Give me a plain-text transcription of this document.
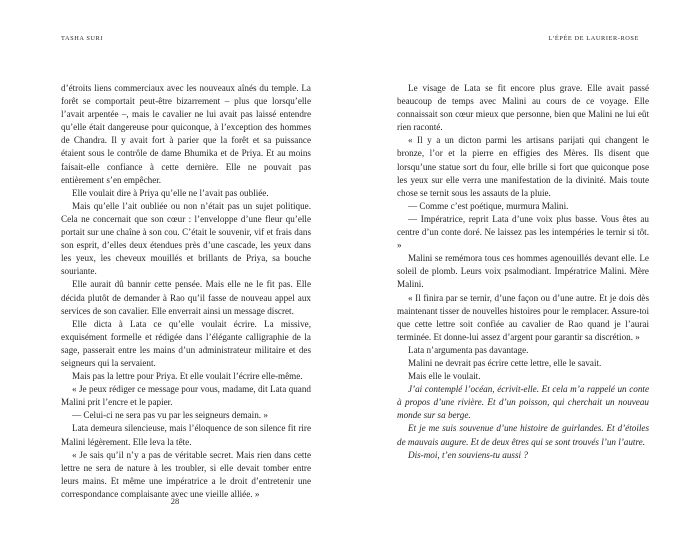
TASHA SURI

d’étroits liens commerciaux avec les nouveaux aînés du temple. La forêt se comportait peut-être bizarrement – plus que lorsqu’elle l’avait arpentée –, mais le cavalier ne lui avait pas laissé entendre qu’elle était dangereuse pour quiconque, à l’exception des hommes de Chandra. Il y avait fort à parier que la forêt et sa puissance étaient sous le contrôle de dame Bhumika et de Priya. Et au moins faisait-elle confiance à cette dernière. Elle ne pouvait pas entièrement s’en empêcher.

Elle voulait dire à Priya qu’elle ne l’avait pas oubliée.

Mais qu’elle l’ait oubliée ou non n’était pas un sujet politique. Cela ne concernait que son cœur : l’enveloppe d’une fleur qu’elle portait sur une chaîne à son cou. C’était le souvenir, vif et frais dans son esprit, d’elles deux étendues près d’une cascade, les yeux dans les yeux, les cheveux mouillés et brillants de Priya, sa bouche souriante.

Elle aurait dû bannir cette pensée. Mais elle ne le fit pas. Elle décida plutôt de demander à Rao qu’il fasse de nouveau appel aux services de son cavalier. Elle enverrait ainsi un message discret.

Elle dicta à Lata ce qu’elle voulait écrire. La missive, exquisément formelle et rédigée dans l’élégante calligraphie de la sage, passerait entre les mains d’un administrateur militaire et des seigneurs qui la servaient.

Mais pas la lettre pour Priya. Et elle voulait l’écrire elle-même.

« Je peux rédiger ce message pour vous, madame, dit Lata quand Malini prit l’encre et le papier.

— Celui-ci ne sera pas vu par les seigneurs demain. »

Lata demeura silencieuse, mais l’éloquence de son silence fit rire Malini légèrement. Elle leva la tête.

« Je sais qu’il n’y a pas de véritable secret. Mais rien dans cette lettre ne sera de nature à les troubler, si elle devait tomber entre leurs mains. Et même une impératrice a le droit d’entretenir une correspondance complaisante avec une vieille alliée. »

28
L’ÉPÉE DE LAURIER-ROSE

Le visage de Lata se fit encore plus grave. Elle avait passé beaucoup de temps avec Malini au cours de ce voyage. Elle connaissait son cœur mieux que personne, bien que Malini ne lui eût rien raconté.

« Il y a un dicton parmi les artisans parijati qui changent le bronze, l’or et la pierre en effigies des Mères. Ils disent que lorsqu’une statue sort du four, elle brille si fort que quiconque pose les yeux sur elle verra une manifestation de la divinité. Mais toute chose se ternit sous les assauts de la pluie.

— Comme c’est poétique, murmura Malini.

— Impératrice, reprit Lata d’une voix plus basse. Vous êtes au centre d’un conte doré. Ne laissez pas les intempéries le ternir si tôt. »

Malini se remémora tous ces hommes agenouillés devant elle. Le soleil de plomb. Leurs voix psalmodiant. Impératrice Malini. Mère Malini.

« Il finira par se ternir, d’une façon ou d’une autre. Et je dois dès maintenant tisser de nouvelles histoires pour le remplacer. Assure-toi que cette lettre soit confiée au cavalier de Rao quand je l’aurai terminée. Et donne-lui assez d’argent pour garantir sa discrétion. »

Lata n’argumenta pas davantage.

Malini ne devrait pas écrire cette lettre, elle le savait.

Mais elle le voulait.

J’ai contemplé l’océan, écrivit-elle. Et cela m’a rappelé un conte à propos d’une rivière. Et d’un poisson, qui cherchait un nouveau monde sur sa berge.

Et je me suis souvenue d’une histoire de guirlandes. Et d’étoiles de mauvais augure. Et de deux êtres qui se sont trouvés l’un l’autre.

Dis-moi, t’en souviens-tu aussi ?
